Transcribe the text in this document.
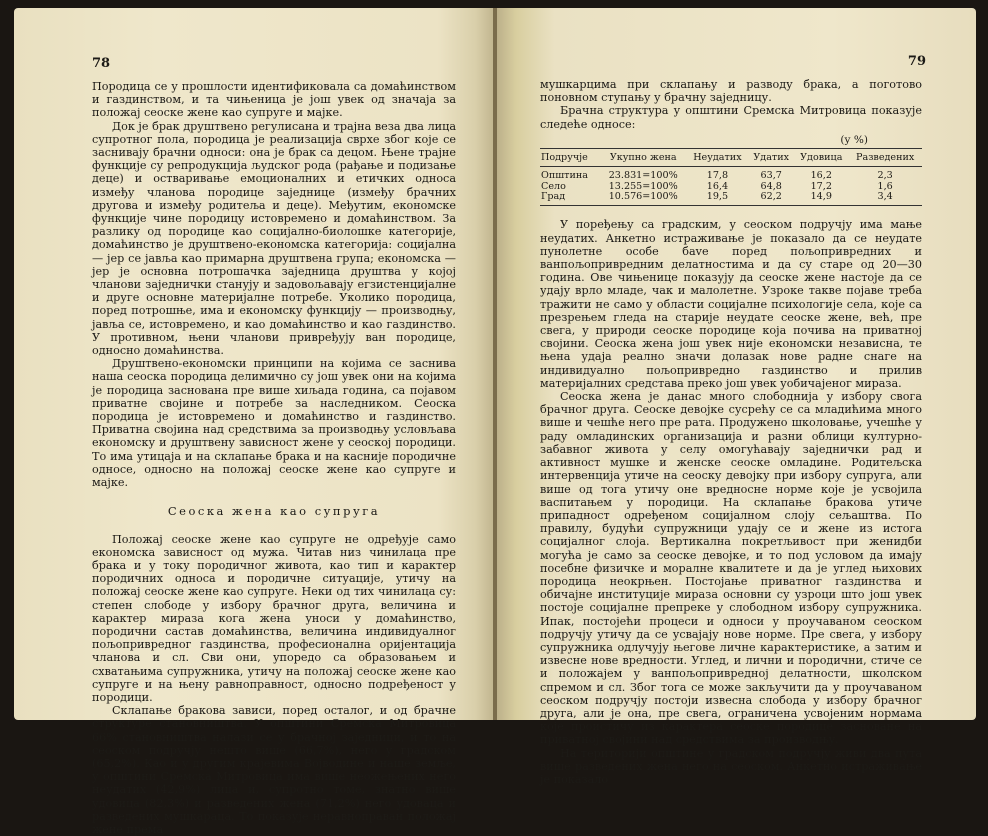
78

Породица се у прошлости идентификовала са домаћинством и газдинством, и та чињеница је још увек од значаја за положај сеоске жене као супруге и мајке.

Док је брак друштвено регулисана и трајна веза два лица супротног пола, породица је реализација сврхе због које се заснивају брачни односи: она је брак са децом. Њене трајне функције су репродукција људског рода (рађање и подизање деце) и остваривање емоционалних и етичких односа између чланова породице заједнице (између брачних другова и између родитеља и деце). Међутим, економске функције чине породицу истовремено и домаћинством. За разлику од породице као социјално-биолошке категорије, домаћинство је друштвено-економска категорија: социјална — јер се јавља као примарна друштвена група; економска — јер је основна потрошачка заједница друштва у којој чланови заједнички станују и задовољавају егзистенцијалне и друге основне материјалне потребе. Уколико породица, поред потрошње, има и економску функцију — производњу, јавља се, истовремено, и као домаћинство и као газдинство. У противном, њени чланови привређују ван породице, односно домаћинства.

Друштвено-економски принципи на којима се заснива наша сеоска породица делимично су још увек они на којима је породица заснована пре више хиљада година, са појавом приватне својине и потребе за наследником. Сеоска породица је истовремено и домаћинство и газдинство. Приватна својина над средствима за производњу условљава економску и друштвену зависност жене у сеоској породици. То има утицаја и на склапање брака и на касније породичне односе, односно на положај сеоске жене као супруге и мајке.

Сеоска жена као супруга

Положај сеоске жене као супруге не одређује само економска зависност од мужа. Читав низ чинилаца пре брака и у току породичног живота, као тип и карактер породичних односа и породичне ситуације, утичу на положај сеоске жене као супруге. Неки од тих чинилаца су: степен слободе у избору брачног друга, величина и карактер мираза кога жена уноси у домаћинство, породични састав домаћинства, величина индивидуалног пољопривредног газдинства, професионална оријентација чланова и сл. Сви они, упоредо са образовањем и схватањима супружника, утичу на положај сеоске жене као супруге и на њену равноправност, односно подређеност у породици.

Склапање бракова зависи, поред осталог, и од брачне структуре становништва. У општини Сремска Митровица 66% становништва налази се у брачној заједници, и то на сеоском подручју нешто више (66,7%), него у градском (65,2%). Као и у другим крајевима Војводине и наше земље, у општини Сремска Митровица има више неожењених него неудатих (42,9%) лица и, супротно томе, знатно више удовица (82,3%) и разведених жена (71,2%) него удоваца и разведених мушкараца. То показује неравноправан положај жене према

79

мушкарцима при склапању и разводу брака, а поготово поновном ступању у брачну заједницу.

Брачна структура у општини Сремска Митровица показује следеће односе:

(у %)
Подручје	Укупно жена	Неудатих	Удатих	Удовица	Разведених
Општина	23.831=100%	17,8	63,7	16,2	2,3
Село	13.255=100%	16,4	64,8	17,2	1,6
Град	10.576=100%	19,5	62,2	14,9	3,4

У поређењу са градским, у сеоском подручју има мање неудатих. Анкетно истраживање је показало да се неудате пунолетне особе бave поред пољопривредних и ванпољопривредним делатностима и да су старе од 20—30 година. Ове чињенице показују да сеоске жене настоје да се удају врло младе, чак и малолетне. Узроке такве појаве треба тражити не само у области социјалне психологије села, које са презрењем гледа на старије неудате сеоске жене, већ, пре свега, у природи сеоске породице која почива на приватној својини. Сеоска жена још увек није економски независна, те њена удаја реално значи долазак нове радне снаге на индивидуално пољопривредно газдинство и прилив материјалних средстава преко још увек уобичајеног мираза.

Сеоска жена је данас много слободнија у избору свога брачног друга. Сеоске девојке сусрећу се са младићима много више и чешће него пре рата. Продужено школовање, учешће у раду омладинских организација и разни облици културно-забавног живота у селу омогућавају заједнички рад и активност мушке и женске сеоске омладине. Родитељска интервенција утиче на сеоску девојку при избору супруга, али више од тога утичу оне вредносне норме које је усвојила васпитањем у породици. На склапање бракова утиче припадност одређеном социјалном слоју сељаштва. По правилу, будући супружници удају се и жене из истога социјалног слоја. Вертикална покретљивост при женидби могућа је само за сеоске девојке, и то под условом да имају посебне физичке и моралне квалитете и да је углед њихових породица неокрњен. Постојање приватног газдинства и обичајне институције мираза основни су узроци што још увек постоје социјалне препреке у слободном избору супружника. Ипак, постојећи процеси и односи у проучаваном сеоском подручју утичу да се усвајају нове норме. Пре свега, у избору супружника одлучују његове личне карактеристике, а затим и извесне нове вредности. Углед, и лични и породични, стиче се и положајем у ванпољопривредној делатности, школском спремом и сл. Због тога се може закључити да у проучаваном сеоском подручју постоји извесна слобода у избору брачног друга, али је она, пре свега, ограничена усвојеним нормама које проистичу из карактера сеоске породице засноване на приватној својини над средствима за производњу.

На територији општине у градском подручју живи два пута више разведених жена него на сеоском. Анкетно истраживање је показало
